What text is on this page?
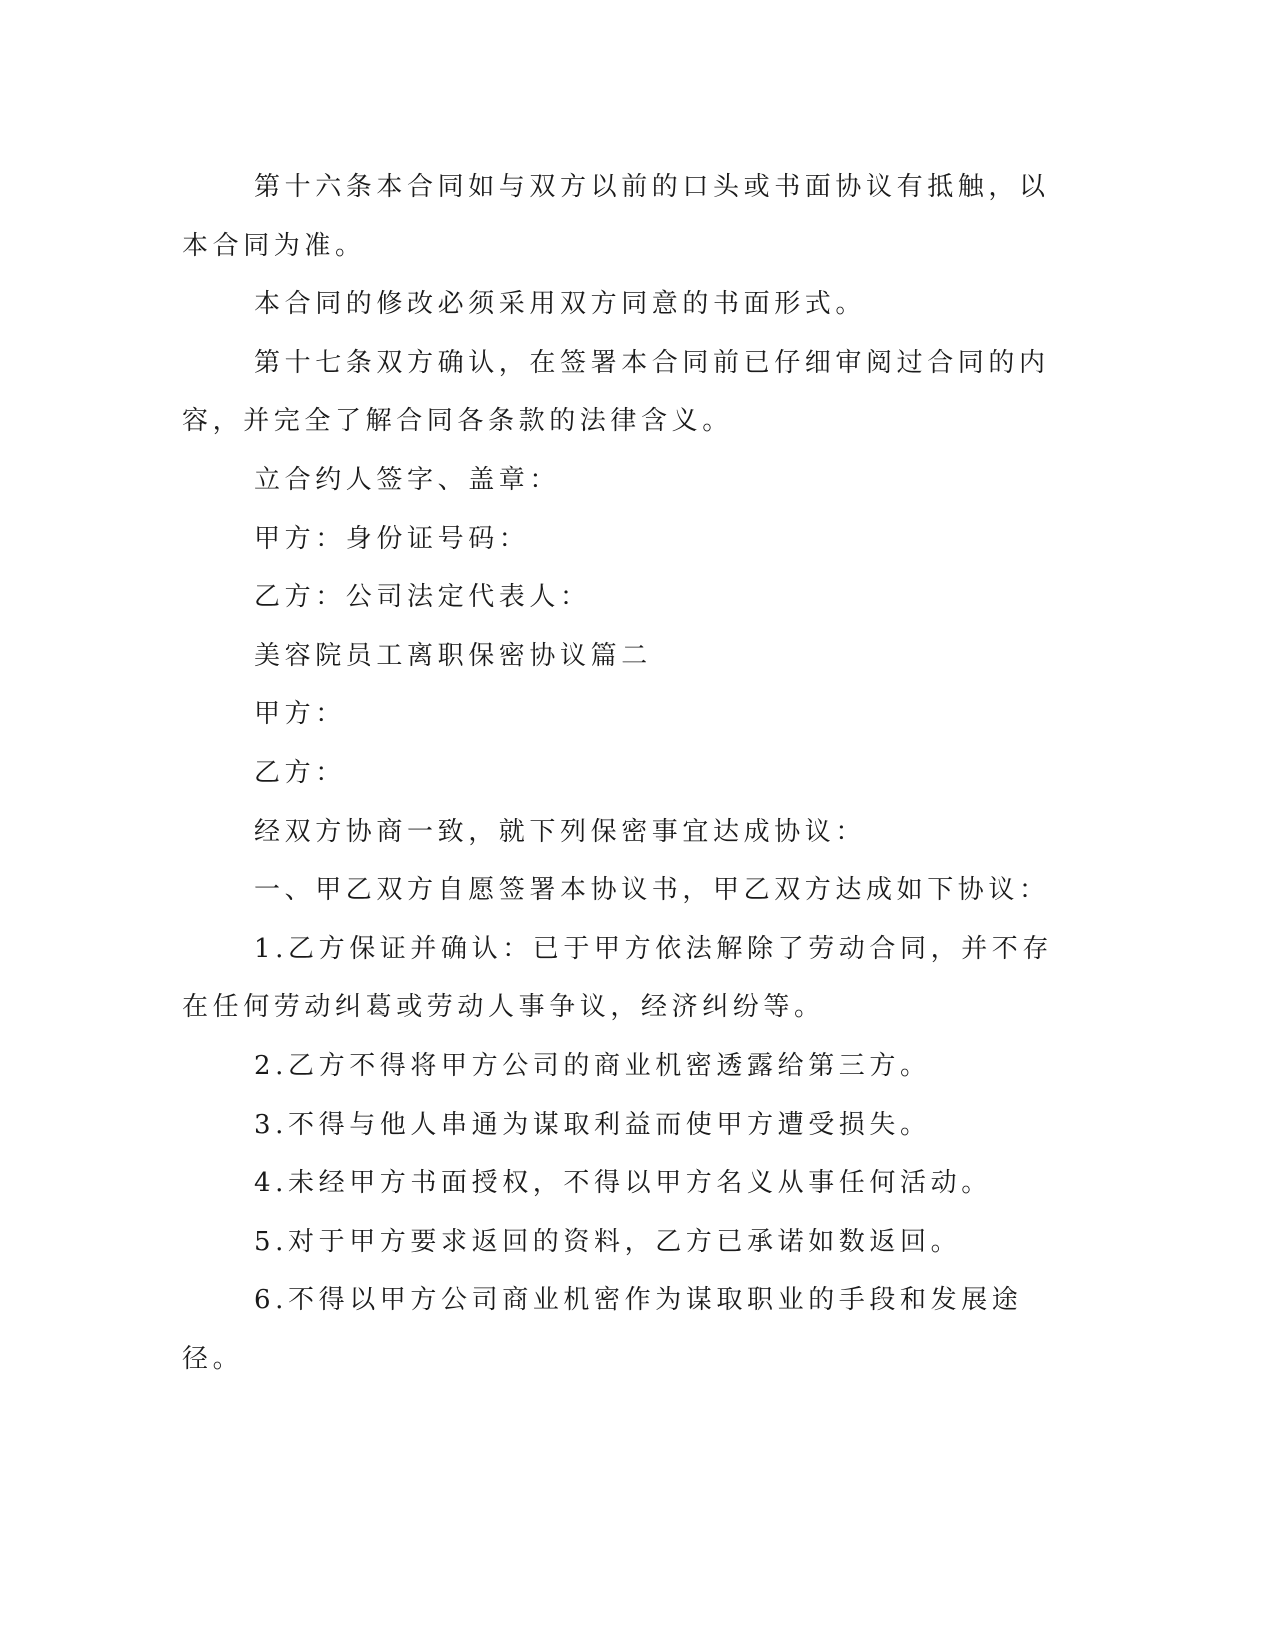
第十六条本合同如与双方以前的口头或书面协议有抵触，以本合同为准。

本合同的修改必须采用双方同意的书面形式。

第十七条双方确认，在签署本合同前已仔细审阅过合同的内容，并完全了解合同各条款的法律含义。

立合约人签字、盖章：

甲方：身份证号码：

乙方：公司法定代表人：

美容院员工离职保密协议篇二

甲方：

乙方：

经双方协商一致，就下列保密事宜达成协议：

一、甲乙双方自愿签署本协议书，甲乙双方达成如下协议：

1.乙方保证并确认：已于甲方依法解除了劳动合同，并不存在任何劳动纠葛或劳动人事争议，经济纠纷等。

2.乙方不得将甲方公司的商业机密透露给第三方。

3.不得与他人串通为谋取利益而使甲方遭受损失。

4.未经甲方书面授权，不得以甲方名义从事任何活动。

5.对于甲方要求返回的资料，乙方已承诺如数返回。

6.不得以甲方公司商业机密作为谋取职业的手段和发展途径。
